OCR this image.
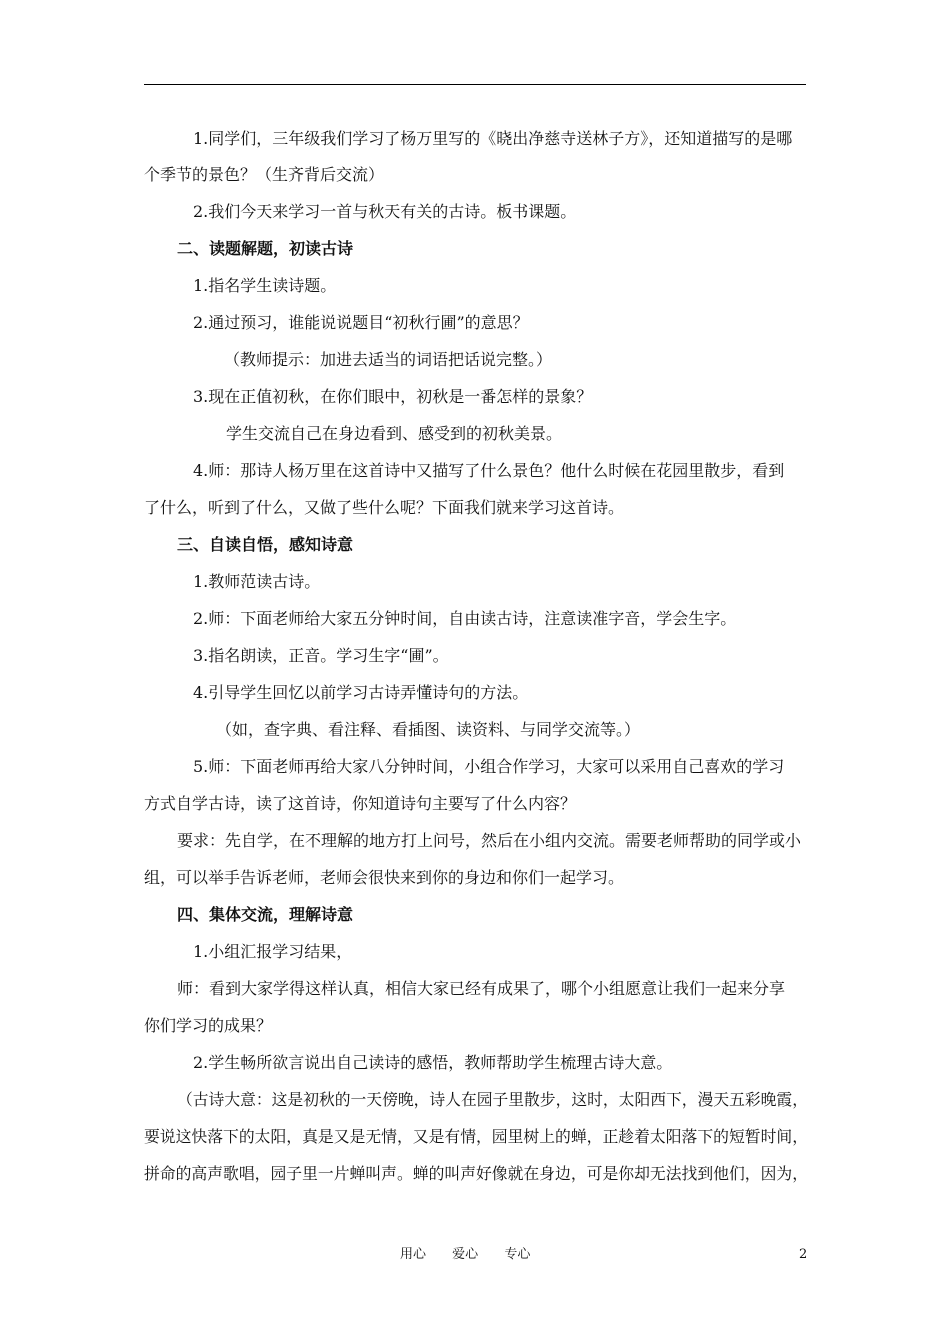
1.同学们，三年级我们学习了杨万里写的《晓出净慈寺送林子方》，还知道描写的是哪
个季节的景色？（生齐背后交流）
2.我们今天来学习一首与秋天有关的古诗。板书课题。
二、读题解题，初读古诗
1.指名学生读诗题。
2.通过预习，谁能说说题目“初秋行圃”的意思？
（教师提示：加进去适当的词语把话说完整。）
3.现在正值初秋，在你们眼中，初秋是一番怎样的景象？
学生交流自己在身边看到、感受到的初秋美景。
4.师：那诗人杨万里在这首诗中又描写了什么景色？他什么时候在花园里散步，看到
了什么，听到了什么，又做了些什么呢？下面我们就来学习这首诗。
三、自读自悟，感知诗意
1.教师范读古诗。
2.师：下面老师给大家五分钟时间，自由读古诗，注意读准字音，学会生字。
3.指名朗读，正音。学习生字“圃”。
4.引导学生回忆以前学习古诗弄懂诗句的方法。
（如，查字典、看注释、看插图、读资料、与同学交流等。）
5.师：下面老师再给大家八分钟时间，小组合作学习，大家可以采用自己喜欢的学习
方式自学古诗，读了这首诗，你知道诗句主要写了什么内容？
要求：先自学，在不理解的地方打上问号，然后在小组内交流。需要老师帮助的同学或小
组，可以举手告诉老师，老师会很快来到你的身边和你们一起学习。
四、集体交流，理解诗意
1.小组汇报学习结果，
师：看到大家学得这样认真，相信大家已经有成果了，哪个小组愿意让我们一起来分享
你们学习的成果？
2.学生畅所欲言说出自己读诗的感悟，教师帮助学生梳理古诗大意。
（古诗大意：这是初秋的一天傍晚，诗人在园子里散步，这时，太阳西下，漫天五彩晚霞，
要说这快落下的太阳，真是又是无情，又是有情，园里树上的蝉，正趁着太阳落下的短暂时间，
拼命的高声歌唱，园子里一片蝉叫声。蝉的叫声好像就在身边，可是你却无法找到他们，因为，
用心 爱心 专心	2
